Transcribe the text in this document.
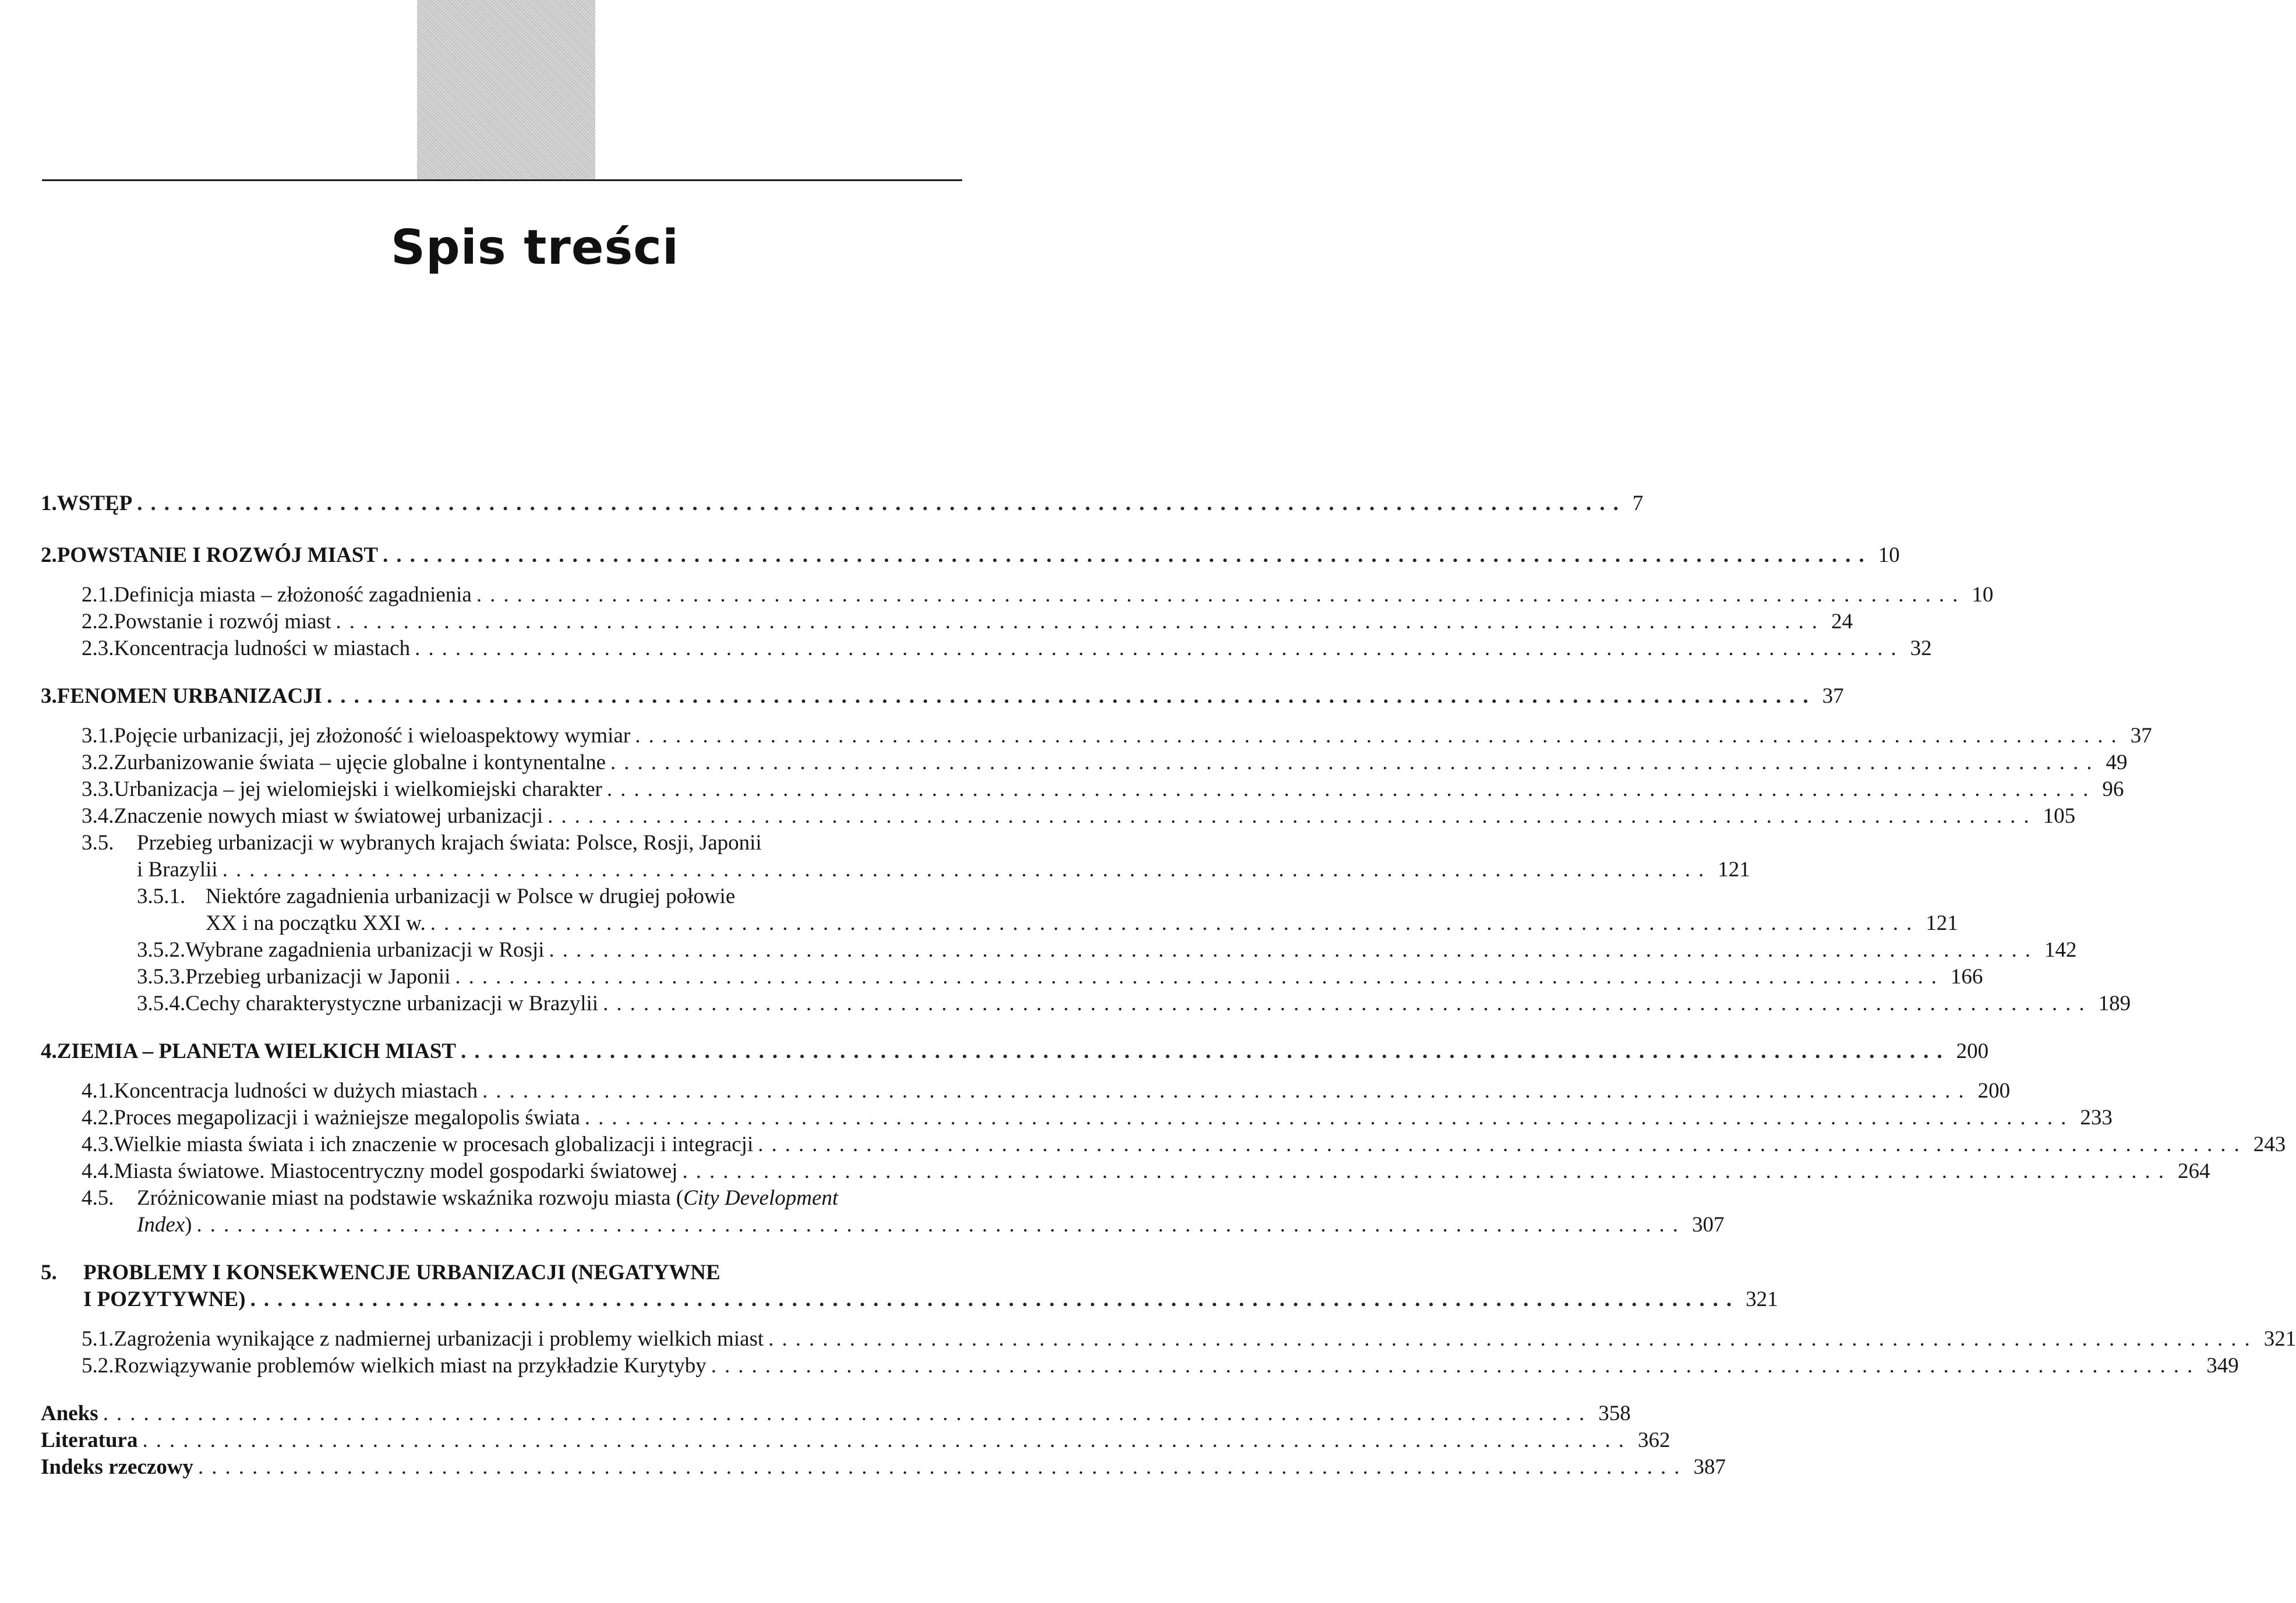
Spis treści
1. WSTĘP .............................................................................................................. 7
2. POWSTANIE I ROZWÓJ MIAST .............................................................................................................. 10
2.1. Definicja miasta – złożoność zagadnienia .............................................................................................................. 10
2.2. Powstanie i rozwój miast .............................................................................................................. 24
2.3. Koncentracja ludności w miastach .............................................................................................................. 32
3. FENOMEN URBANIZACJI .............................................................................................................. 37
3.1. Pojęcie urbanizacji, jej złożoność i wieloaspektowy wymiar .............................................................................................................. 37
3.2. Zurbanizowanie świata – ujęcie globalne i kontynentalne .............................................................................................................. 49
3.3. Urbanizacja – jej wielomiejski i wielkomiejski charakter .............................................................................................................. 96
3.4. Znaczenie nowych miast w światowej urbanizacji .............................................................................................................. 105
3.5. Przebieg urbanizacji w wybranych krajach świata: Polsce, Rosji, Japonii
i Brazylii .............................................................................................................. 121
3.5.1. Niektóre zagadnienia urbanizacji w Polsce w drugiej połowie
XX i na początku XXI w. .............................................................................................................. 121
3.5.2. Wybrane zagadnienia urbanizacji w Rosji .............................................................................................................. 142
3.5.3. Przebieg urbanizacji w Japonii .............................................................................................................. 166
3.5.4. Cechy charakterystyczne urbanizacji w Brazylii .............................................................................................................. 189
4. ZIEMIA – PLANETA WIELKICH MIAST .............................................................................................................. 200
4.1. Koncentracja ludności w dużych miastach .............................................................................................................. 200
4.2. Proces megapolizacji i ważniejsze megalopolis świata .............................................................................................................. 233
4.3. Wielkie miasta świata i ich znaczenie w procesach globalizacji i integracji .............................................................................................................. 243
4.4. Miasta światowe. Miastocentryczny model gospodarki światowej .............................................................................................................. 264
4.5. Zróżnicowanie miast na podstawie wskaźnika rozwoju miasta (City Development
Index) .............................................................................................................. 307
5. PROBLEMY I KONSEKWENCJE URBANIZACJI (NEGATYWNE
I POZYTYWNE) .............................................................................................................. 321
5.1. Zagrożenia wynikające z nadmiernej urbanizacji i problemy wielkich miast .............................................................................................................. 321
5.2. Rozwiązywanie problemów wielkich miast na przykładzie Kurytyby .............................................................................................................. 349
Aneks .............................................................................................................. 358
Literatura .............................................................................................................. 362
Indeks rzeczowy .............................................................................................................. 387
